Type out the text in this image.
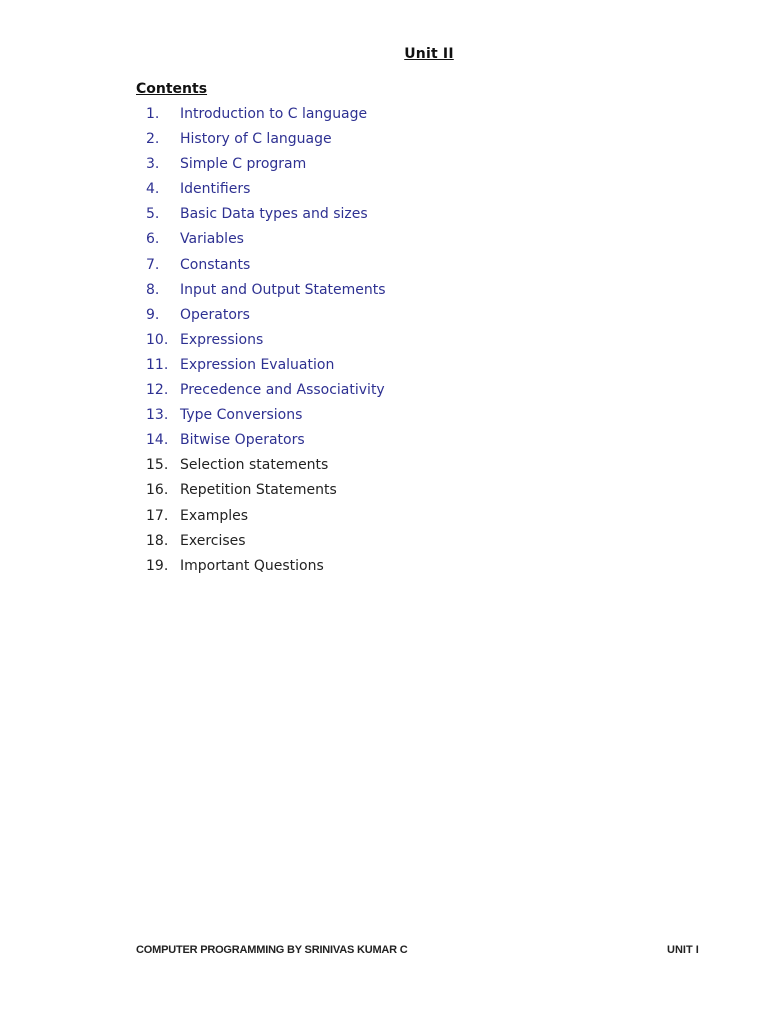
Unit II
Contents
1. Introduction to C language
2. History of C language
3. Simple C program
4. Identifiers
5. Basic Data types and sizes
6. Variables
7. Constants
8. Input and Output Statements
9. Operators
10. Expressions
11. Expression Evaluation
12. Precedence and Associativity
13. Type Conversions
14. Bitwise Operators
15. Selection statements
16. Repetition Statements
17. Examples
18. Exercises
19. Important Questions
COMPUTER PROGRAMMING BY SRINIVAS KUMAR C	UNIT I
